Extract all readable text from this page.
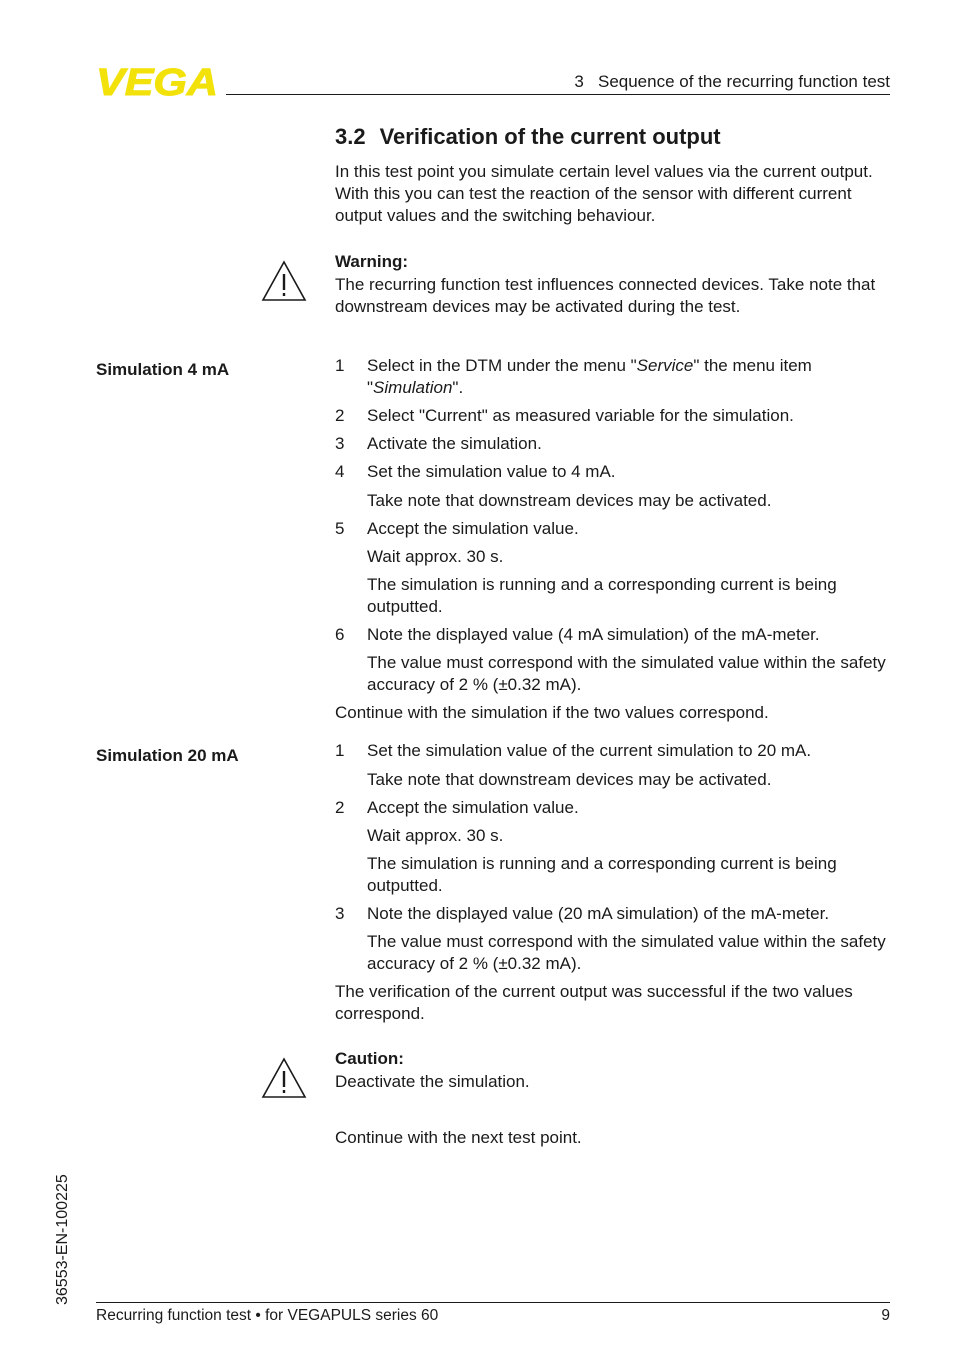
VEGA	3   Sequence of the recurring function test
3.2 Verification of the current output
In this test point you simulate certain level values via the current output. With this you can test the reaction of the sensor with different current output values and the switching behaviour.
Warning:
The recurring function test influences connected devices. Take note that downstream devices may be activated during the test.
Simulation 4 mA	1	Select in the DTM under the menu "Service" the menu item "Simulation".
2	Select "Current" as measured variable for the simulation.
3	Activate the simulation.
4	Set the simulation value to 4 mA.
Take note that downstream devices may be activated.
5	Accept the simulation value.
Wait approx. 30 s.
The simulation is running and a corresponding current is being outputted.
6	Note the displayed value (4 mA simulation) of the mA-meter.
The value must correspond with the simulated value within the safety accuracy of 2 % (±0.32 mA).
Continue with the simulation if the two values correspond.
Simulation 20 mA	1	Set the simulation value of the current simulation to 20 mA.
Take note that downstream devices may be activated.
2	Accept the simulation value.
Wait approx. 30 s.
The simulation is running and a corresponding current is being outputted.
3	Note the displayed value (20 mA simulation) of the mA-meter.
The value must correspond with the simulated value within the safety accuracy of 2 % (±0.32 mA).
The verification of the current output was successful if the two values correspond.
Caution:
Deactivate the simulation.
Continue with the next test point.
36553-EN-100225
Recurring function test • for VEGAPULS series 60	9
